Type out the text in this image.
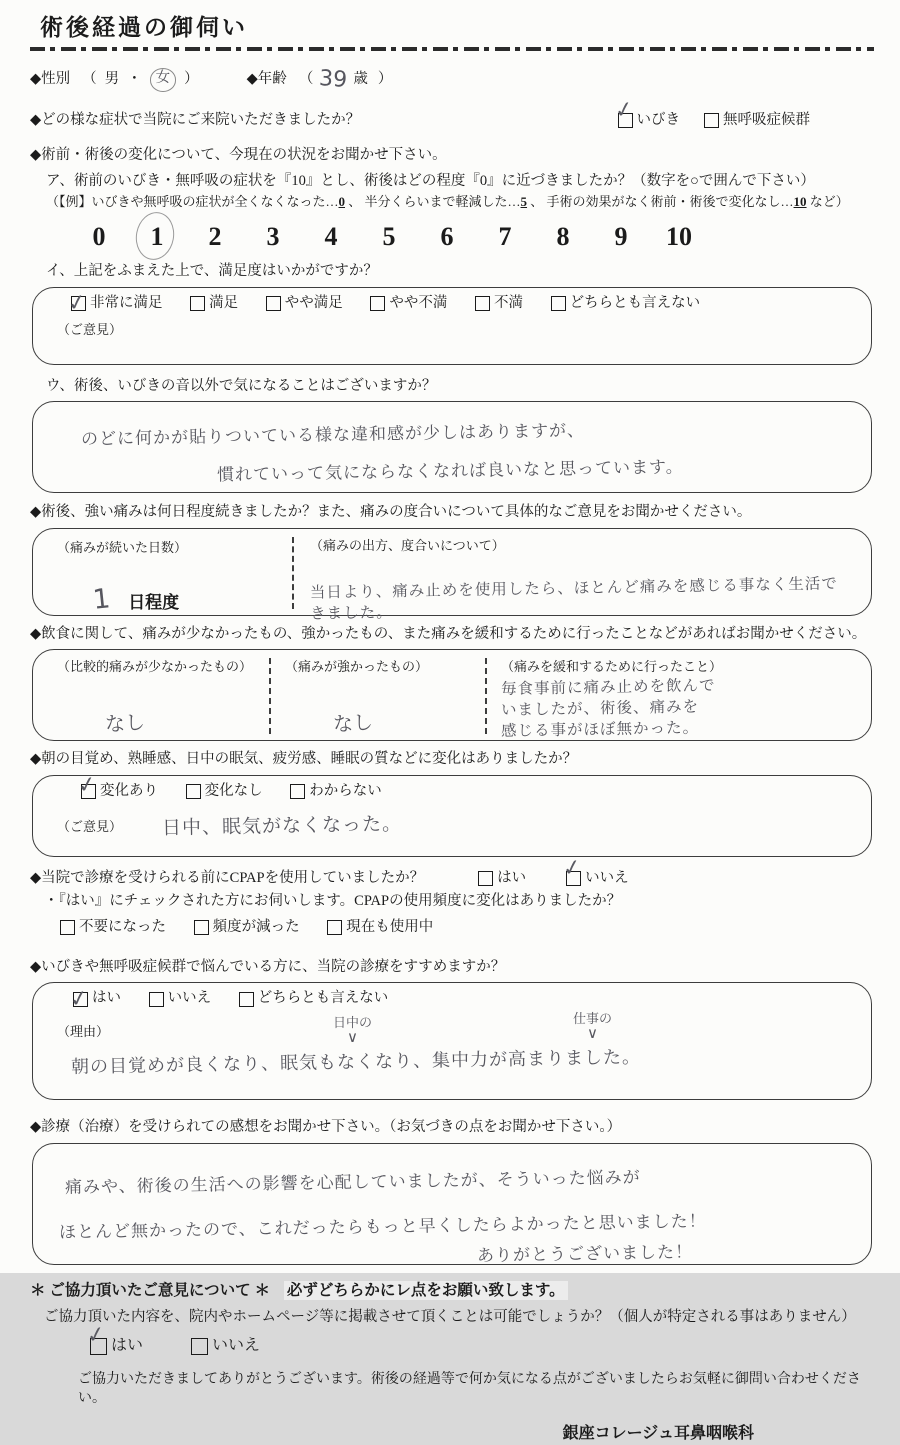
術後経過の御伺い
◆性別 （ 男 ・ 女 ）	◆年齢 （ 39 歳 ）
◆どの様な症状で当院にご来院いただきましたか？	✓ いびき	無呼吸症候群
◆術前・術後の変化について、今現在の状況をお聞かせ下さい。
ア、術前のいびき・無呼吸の症状を『10』とし、術後はどの程度『0』に近づきましたか？（数字を○で囲んで下さい）
（【例】いびきや無呼吸の症状が全くなくなった…0 、 半分くらいまで軽減した…5 、 手術の効果がなく術前・術後で変化なし…10 など）
0	1	2	3	4	5	6	7	8	9	10
イ、上記をふまえた上で、満足度はいかがですか？
✓ 非常に満足
	満足
	やや満足
	やや不満
	不満
	どちらとも言えない
（ご意見）
ウ、術後、いびきの音以外で気になることはございますか？
のどに何かが貼りついている様な違和感が少しはありますが、
慣れていって気にならなくなれば良いなと思っています。
◆術後、強い痛みは何日程度続きましたか？また、痛みの度合いについて具体的なご意見をお聞かせください。
（痛みが続いた日数）
1 日程度
（痛みの出方、度合いについて）
当日より、痛み止めを使用したら、ほとんど痛みを感じる事なく生活できました。
◆飲食に関して、痛みが少なかったもの、強かったもの、また痛みを緩和するために行ったことなどがあればお聞かせください。
（比較的痛みが少なかったもの）
なし
（痛みが強かったもの）
なし
（痛みを緩和するために行ったこと）
毎食事前に痛み止めを飲んで
いましたが、術後、痛みを
感じる事がほぼ無かった。
◆朝の目覚め、熟睡感、日中の眠気、疲労感、睡眠の質などに変化はありましたか？
✓ 変化あり
	変化なし
	わからない
（ご意見） 日中、眠気がなくなった。
◆当院で診療を受けられる前にCPAPを使用していましたか？	はい ✓ いいえ
・『はい』にチェックされた方にお伺いします。CPAPの使用頻度に変化はありましたか？
不要になった
	頻度が減った
	現在も使用中
◆いびきや無呼吸症候群で悩んでいる方に、当院の診療をすすめますか？
✓ はい
	いいえ
	どちらとも言えない
（理由）
日中の
∨
仕事の
∨
朝の目覚めが良くなり、眠気もなくなり、集中力が高まりました。
◆診療（治療）を受けられての感想をお聞かせ下さい。（お気づきの点をお聞かせ下さい。）
痛みや、術後の生活への影響を心配していましたが、そういった悩みが
ほとんど無かったので、これだったらもっと早くしたらよかったと思いました！
ありがとうございました！
＊ ご協力頂いたご意見について ＊ 必ずどちらかにレ点をお願い致します。
ご協力頂いた内容を、院内やホームページ等に掲載させて頂くことは可能でしょうか？（個人が特定される事はありません）
✓ はい
	いいえ
ご協力いただきましてありがとうございます。術後の経過等で何か気になる点がございましたらお気軽に御問い合わせください。
銀座コレージュ耳鼻咽喉科
